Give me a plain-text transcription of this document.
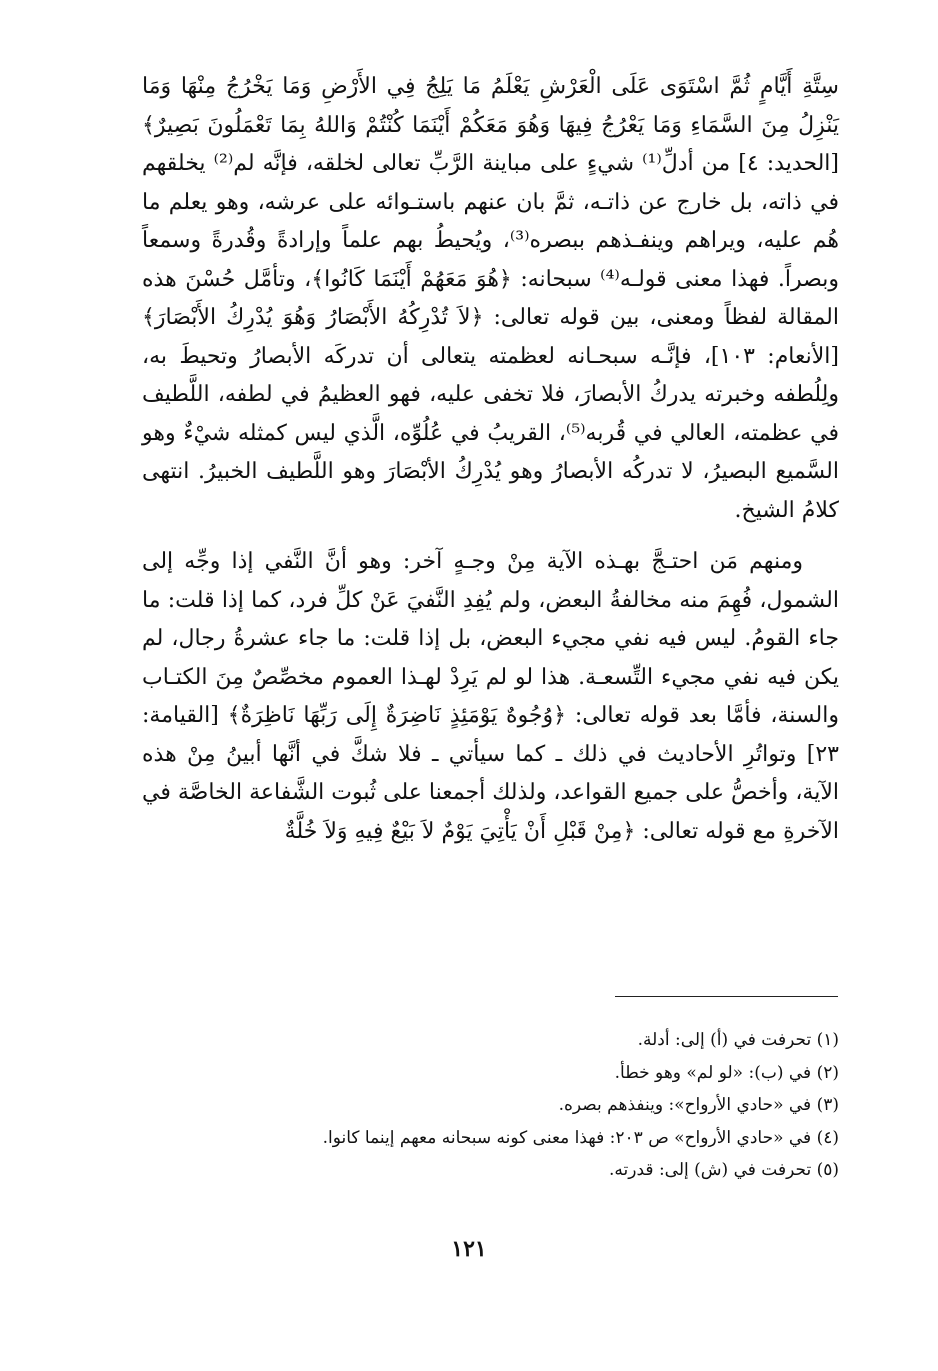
سِتَّةِ أَيَّامٍ ثُمَّ اسْتَوَى عَلَى الْعَرْشِ يَعْلَمُ مَا يَلِجُ فِي الأَرْضِ وَمَا يَخْرُجُ مِنْهَا وَمَا يَنْزِلُ مِنَ السَّمَاءِ وَمَا يَعْرُجُ فِيهَا وَهُوَ مَعَكُمْ أَيْنَمَا كُنْتُمْ وَاللهُ بِمَا تَعْمَلُونَ بَصِيرٌ﴾ [الحديد: ٤] من أدلِّ⁽¹⁾ شيءٍ على مباينة الرَّبِّ تعالى لخلقه، فإنَّه لم⁽²⁾ يخلقهم في ذاته، بل خارج عن ذاتـه، ثمَّ بان عنهم باستـوائه على عرشه، وهو يعلم ما هُم عليه، ويراهم وينفـذهم ببصره⁽³⁾، ويُحيطُ بهم علماً وإرادةً وقُدرةً وسمعاً وبصراً. فهذا معنى قولـه⁽⁴⁾ سبحانه: ﴿هُوَ مَعَهُمْ أَيْنَمَا كَانُوا﴾، وتأمَّل حُسْنَ هذه المقالة لفظاً ومعنى، بين قوله تعالى: ﴿لاَ تُدْرِكُهُ الأَبْصَارُ وَهُوَ يُدْرِكُ الأَبْصَارَ﴾ [الأنعام: ١٠٣]، فإنَّـه سبحـانه لعظمته يتعالى أن تدركَه الأبصارُ وتحيطَ به، ولِلُطفه وخبرته يدركُ الأبصارَ، فلا تخفى عليه، فهو العظيمُ في لطفه، اللَّطيف في عظمته، العالي في قُربه⁽⁵⁾، القريبُ في عُلُوِّه، الَّذي ليس كمثله شيْءٌ وهو السَّميع البصيرُ، لا تدركُه الأبصارُ وهو يُدْرِكُ الأبْصَارَ وهو اللَّطيف الخبيرُ. انتهى كلامُ الشيخ.

ومنهم مَن احتـجَّ بهـذه الآية مِنْ وجـهٍ آخر: وهو أنَّ النَّفي إذا وجِّه إلى الشمول، فُهِمَ منه مخالفةُ البعض، ولم يُفِدِ النَّفيَ عَنْ كلِّ فرد، كما إذا قلت: ما جاء القومُ. ليس فيه نفي مجيء البعض، بل إذا قلت: ما جاء عشرةُ رجال، لم يكن فيه نفي مجيء التِّسعـة. هذا لو لم يَرِدْ لهـذا العموم مخصِّصٌ مِنَ الكتـاب والسنة، فأمَّا بعد قوله تعالى: ﴿وُجُوهٌ يَوْمَئِذٍ نَاضِرَةٌ إِلَى رَبِّهَا نَاظِرَةٌ﴾ [القيامة: ٢٣] وتواتُرِ الأحاديث في ذلك ـ كما سيأتي ـ فلا شكَّ في أنَّها أبينُ مِنْ هذه الآية، وأخصُّ على جميع القواعد، ولذلك أجمعنا على ثُبوت الشَّفاعة الخاصَّة في الآخرةِ مع قوله تعالى: ﴿مِنْ قَبْلِ أَنْ يَأْتِيَ يَوْمٌ لاَ بَيْعٌ فِيهِ وَلاَ خُلَّةٌ

(١) تحرفت في (أ) إلى: أدلة.
(٢) في (ب): «لو لم» وهو خطأ.
(٣) في «حادي الأرواح»: وينفذهم بصره.
(٤) في «حادي الأرواح» ص ٢٠٣: فهذا معنى كونه سبحانه معهم إينما كانوا.
(٥) تحرفت في (ش) إلى: قدرته.
١٢١
